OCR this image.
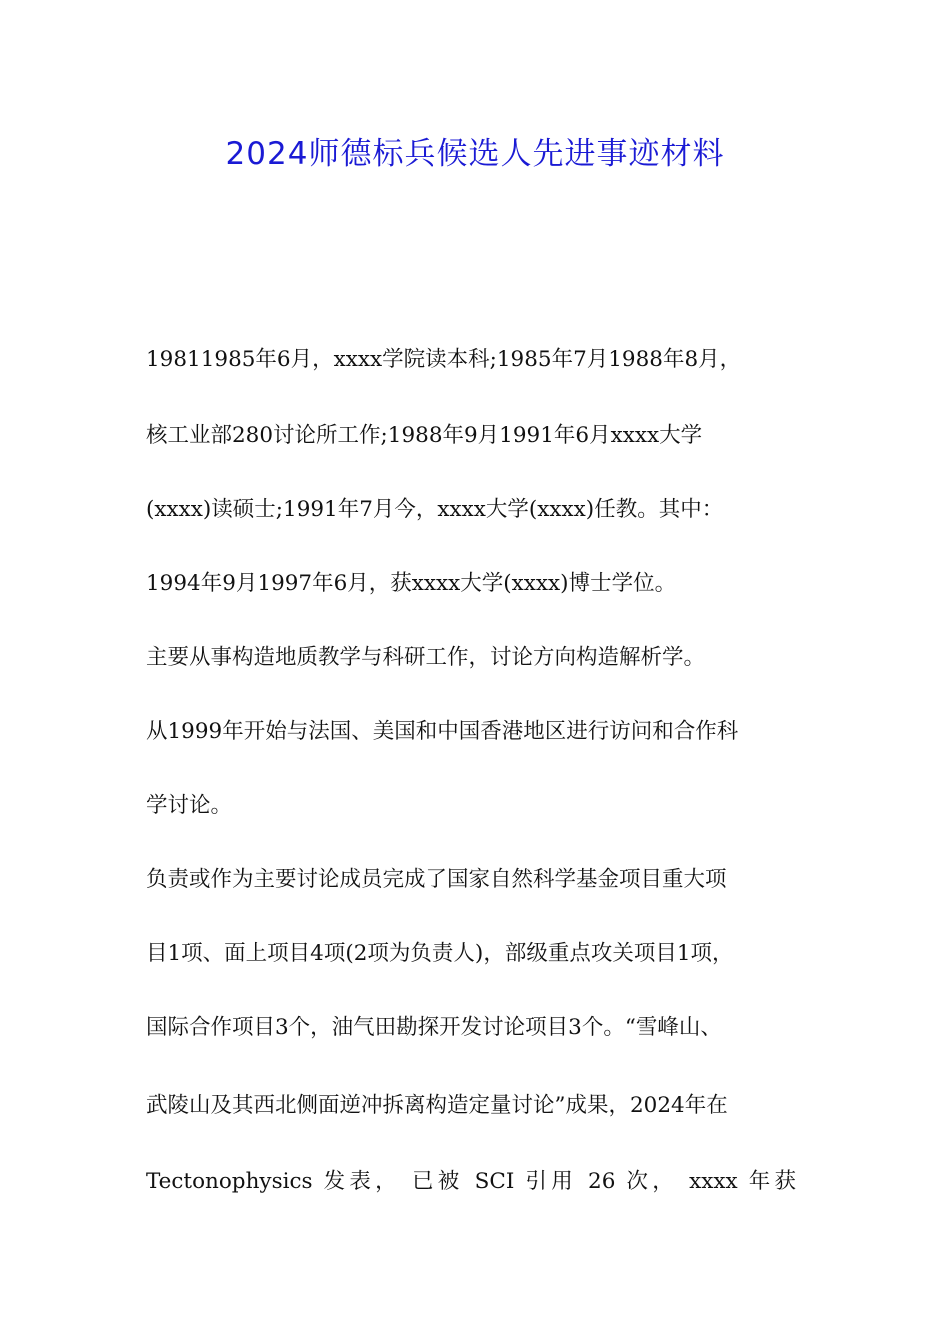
2024师德标兵候选人先进事迹材料

19811985年6月，xxxx学院读本科;1985年7月1988年8月，

核工业部280讨论所工作;1988年9月1991年6月xxxx大学

(xxxx)读硕士;1991年7月今，xxxx大学(xxxx)任教。其中：

1994年9月1997年6月，获xxxx大学(xxxx)博士学位。

主要从事构造地质教学与科研工作，讨论方向构造解析学。

从1999年开始与法国、美国和中国香港地区进行访问和合作科

学讨论。

负责或作为主要讨论成员完成了国家自然科学基金项目重大项

目1项、面上项目4项(2项为负责人)，部级重点攻关项目1项，

国际合作项目3个，油气田勘探开发讨论项目3个。“雪峰山、

武陵山及其西北侧面逆冲拆离构造定量讨论”成果，2024年在

Tectonophysics 发表， 已被 SCI 引用 26 次， xxxx 年获
